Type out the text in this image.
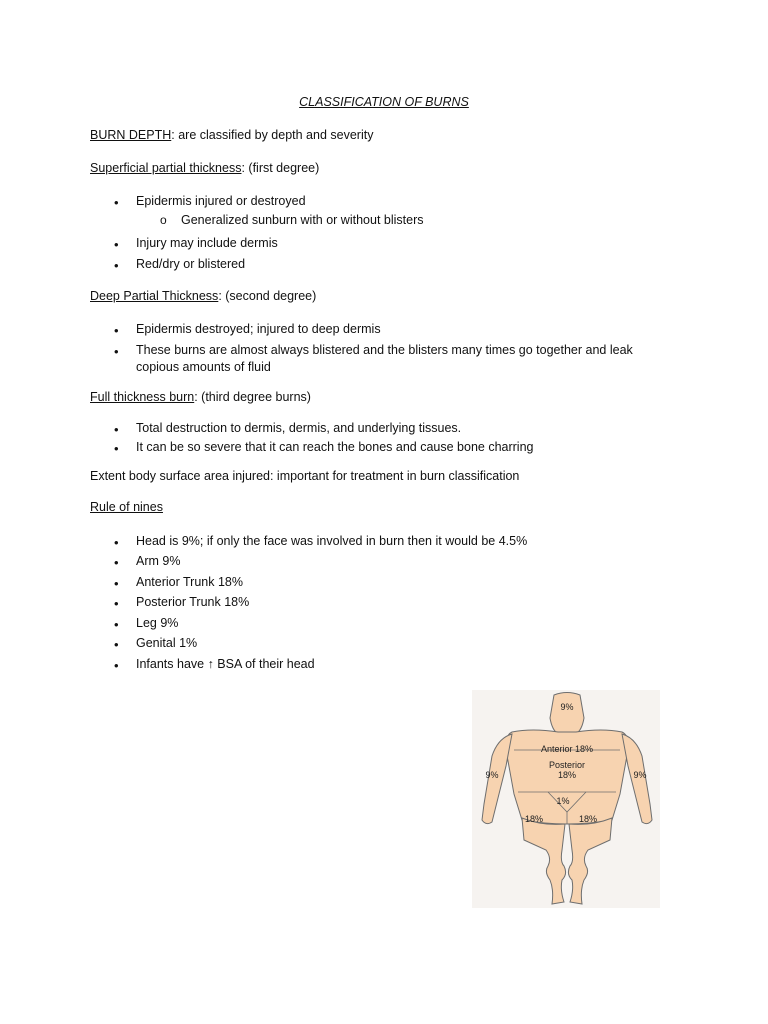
CLASSIFICATION OF BURNS
BURN DEPTH: are classified by depth and severity
Superficial partial thickness: (first degree)
•	Epidermis injured or destroyed
o Generalized sunburn with or without blisters
•	Injury may include dermis
•	Red/dry or blistered
Deep Partial Thickness: (second degree)
•	Epidermis destroyed; injured to deep dermis
•	These burns are almost always blistered and the blisters many times go together and leak copious amounts of fluid
Full thickness burn: (third degree burns)
•	Total destruction to dermis, dermis, and underlying tissues.
•	It can be so severe that it can reach the bones and cause bone charring
Extent body surface area injured: important for treatment in burn classification
Rule of nines
•	Head is 9%; if only the face was involved in burn then it would be 4.5%
•	Arm 9%
•	Anterior Trunk 18%
•	Posterior Trunk 18%
•	Leg 9%
•	Genital 1%
•	Infants have ↑ BSA of their head
9%
Anterior 18%
Posterior
18%
9%	9%
1%
18%	18%
